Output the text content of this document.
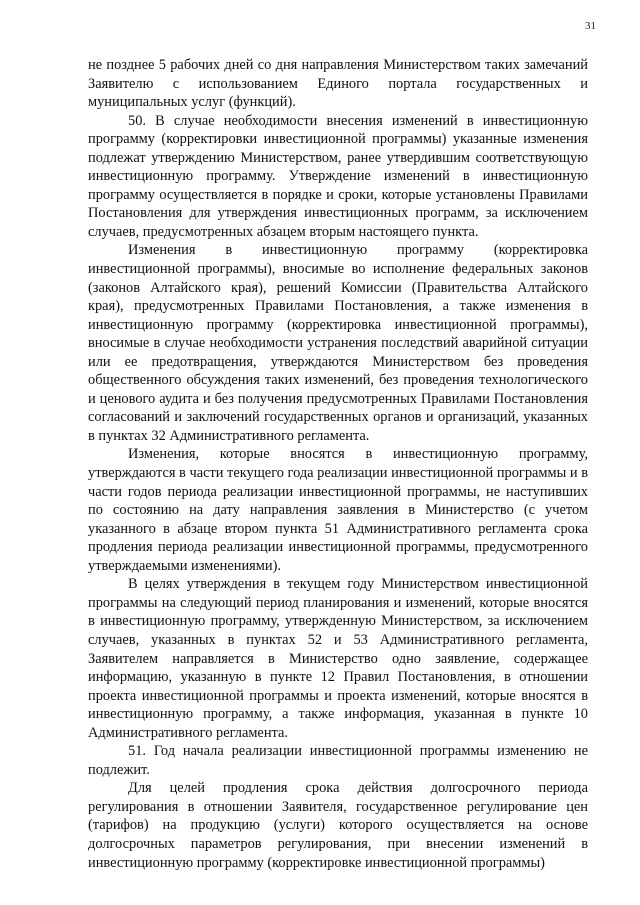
31

не позднее 5 рабочих дней со дня направления Министерством таких замечаний Заявителю с использованием Единого портала государственных и муниципальных услуг (функций).

50. В случае необходимости внесения изменений в инвестиционную программу (корректировки инвестиционной программы) указанные изменения подлежат утверждению Министерством, ранее утвердившим соответствующую инвестиционную программу. Утверждение изменений в инвестиционную программу осуществляется в порядке и сроки, которые установлены Правилами Постановления для утверждения инвестиционных программ, за исключением случаев, предусмотренных абзацем вторым настоящего пункта.

Изменения в инвестиционную программу (корректировка инвестиционной программы), вносимые во исполнение федеральных законов (законов Алтайского края), решений Комиссии (Правительства Алтайского края), предусмотренных Правилами Постановления, а также изменения в инвестиционную программу (корректировка инвестиционной программы), вносимые в случае необходимости устранения последствий аварийной ситуации или ее предотвращения, утверждаются Министерством без проведения общественного обсуждения таких изменений, без проведения технологического и ценового аудита и без получения предусмотренных Правилами Постановления согласований и заключений государственных органов и организаций, указанных в пунктах 32 Административного регламента.

Изменения, которые вносятся в инвестиционную программу, утверждаются в части текущего года реализации инвестиционной программы и в части годов периода реализации инвестиционной программы, не наступивших по состоянию на дату направления заявления в Министерство (с учетом указанного в абзаце втором пункта 51 Административного регламента срока продления периода реализации инвестиционной программы, предусмотренного утверждаемыми изменениями).

В целях утверждения в текущем году Министерством инвестиционной программы на следующий период планирования и изменений, которые вносятся в инвестиционную программу, утвержденную Министерством, за исключением случаев, указанных в пунктах 52 и 53 Административного регламента, Заявителем направляется в Министерство одно заявление, содержащее информацию, указанную в пункте 12 Правил Постановления, в отношении проекта инвестиционной программы и проекта изменений, которые вносятся в инвестиционную программу, а также информация, указанная в пункте 10 Административного регламента.

51. Год начала реализации инвестиционной программы изменению не подлежит.

Для целей продления срока действия долгосрочного периода регулирования в отношении Заявителя, государственное регулирование цен (тарифов) на продукцию (услуги) которого осуществляется на основе долгосрочных параметров регулирования, при внесении изменений в инвестиционную программу (корректировке инвестиционной программы)
